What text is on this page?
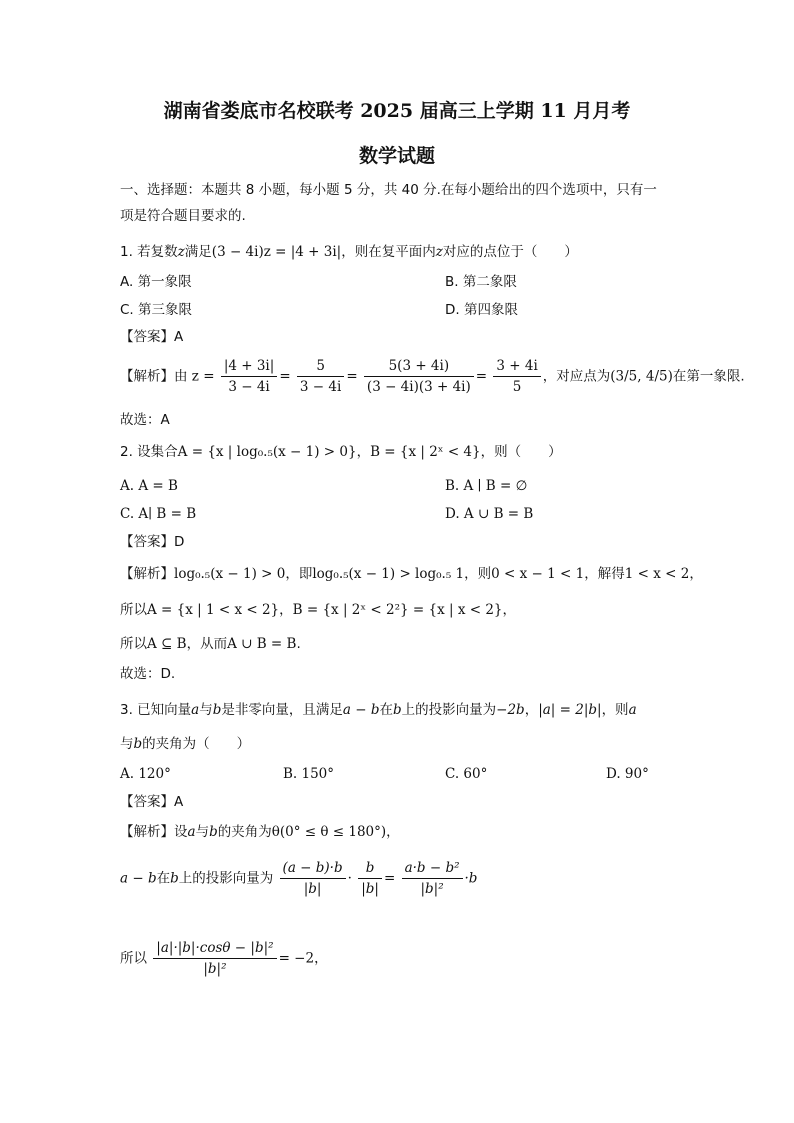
湖南省娄底市名校联考 2025 届高三上学期 11 月月考
数学试题
一、选择题：本题共 8 小题，每小题 5 分，共 40 分.在每小题给出的四个选项中，只有一
项是符合题目要求的.
1. 若复数z满足(3 − 4i)z = |4 + 3i|，则在复平面内z对应的点位于（　　）
A. 第一象限	B. 第二象限
C. 第三象限	D. 第四象限
【答案】A
【解析】由 $z = \frac{|4 + 3i|}{3 - 4i} = \frac{5}{3 - 4i} = \frac{5(3 + 4i)}{(3 - 4i)(3 + 4i)} = \frac{3 + 4i}{5}$ ，对应点为(3/5, 4/5)在第一象限.
故选：A
2. 设集合A = {x | log₀.₅(x − 1) > 0}，B = {x | 2ˣ < 4}，则（　　）
A. A = B	B. A ∣ B = ∅
C. A∣ B = B	D. A ∪ B = B
【答案】D
【解析】log₀.₅(x − 1) > 0，即log₀.₅(x − 1) > log₀.₅ 1，则0 < x − 1 < 1，解得1 < x < 2，
所以A = {x | 1 < x < 2}，B = {x | 2ˣ < 2²} = {x | x < 2}，
所以A ⊆ B，从而A ∪ B = B.
故选：D.
3. 已知向量a与b是非零向量，且满足a − b在b上的投影向量为−2b，|a| = 2|b|，则a
与b的夹角为（　　）
A. 120°	B. 150°	C. 60°	D. 90°
【答案】A
【解析】设a与b的夹角为θ(0° ≤ θ ≤ 180°)，
a − b在b上的投影向量为 $\frac{(a - b)\cdot b}{|b|} \cdot \frac{b}{|b|} = \frac{\text{a·b − b²}}{\text{|b|²}} \cdot b$
所以 $\frac{\text{|a|·|b|·cosθ − |b|²}}{\text{|b|²}} = -2$，
